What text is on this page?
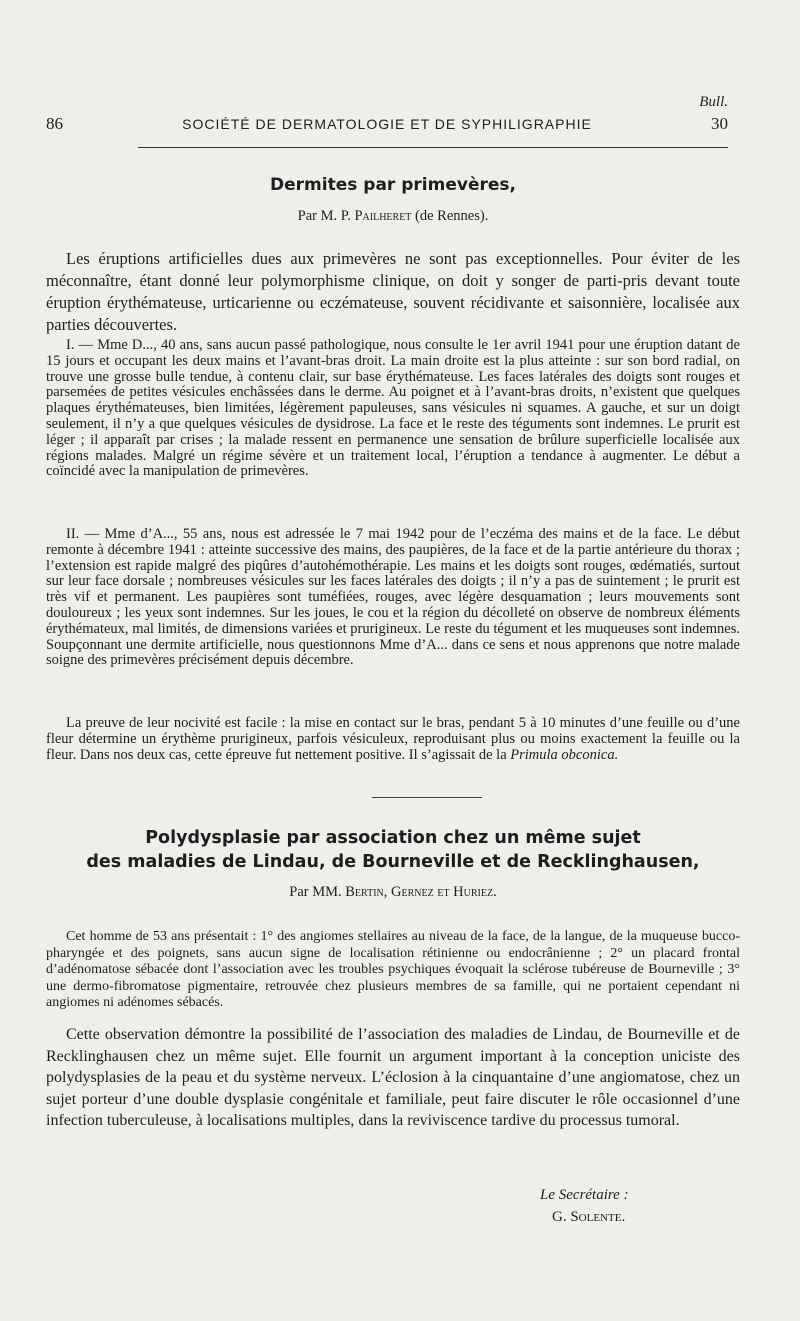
Bull.
86	SOCIÉTÉ DE DERMATOLOGIE ET DE SYPHILIGRAPHIE	30
Dermites par primevères,
Par M. P. Pailheret (de Rennes).

Les éruptions artificielles dues aux primevères ne sont pas exceptionnelles. Pour éviter de les méconnaître, étant donné leur polymorphisme clinique, on doit y songer de parti-pris devant toute éruption érythémateuse, urticarienne ou eczémateuse, souvent récidivante et saisonnière, localisée aux parties découvertes.

I. — Mme D..., 40 ans, sans aucun passé pathologique, nous consulte le 1er avril 1941 pour une éruption datant de 15 jours et occupant les deux mains et l’avant-bras droit. La main droite est la plus atteinte : sur son bord radial, on trouve une grosse bulle tendue, à contenu clair, sur base érythémateuse. Les faces latérales des doigts sont rouges et parsemées de petites vésicules enchâssées dans le derme. Au poignet et à l’avant-bras droits, n’existent que quelques plaques érythémateuses, bien limitées, légèrement papuleuses, sans vésicules ni squames. A gauche, et sur un doigt seulement, il n’y a que quelques vésicules de dysidrose. La face et le reste des téguments sont indemnes. Le prurit est léger ; il apparaît par crises ; la malade ressent en permanence une sensation de brûlure superficielle localisée aux régions malades. Malgré un régime sévère et un traitement local, l’éruption a tendance à augmenter. Le début a coïncidé avec la manipulation de primevères.

II. — Mme d’A..., 55 ans, nous est adressée le 7 mai 1942 pour de l’eczéma des mains et de la face. Le début remonte à décembre 1941 : atteinte successive des mains, des paupières, de la face et de la partie antérieure du thorax ; l’extension est rapide malgré des piqûres d’autohémothérapie. Les mains et les doigts sont rouges, œdématiés, surtout sur leur face dorsale ; nombreuses vésicules sur les faces latérales des doigts ; il n’y a pas de suintement ; le prurit est très vif et permanent. Les paupières sont tuméfiées, rouges, avec légère desquamation ; leurs mouvements sont douloureux ; les yeux sont indemnes. Sur les joues, le cou et la région du décolleté on observe de nombreux éléments érythémateux, mal limités, de dimensions variées et prurigineux. Le reste du tégument et les muqueuses sont indemnes. Soupçonnant une dermite artificielle, nous questionnons Mme d’A... dans ce sens et nous apprenons que notre malade soigne des primevères précisément depuis décembre.

La preuve de leur nocivité est facile : la mise en contact sur le bras, pendant 5 à 10 minutes d’une feuille ou d’une fleur détermine un érythème prurigineux, parfois vésiculeux, reproduisant plus ou moins exactement la feuille ou la fleur. Dans nos deux cas, cette épreuve fut nettement positive. Il s’agissait de la Primula obconica.

Polydysplasie par association chez un même sujet
des maladies de Lindau, de Bourneville et de Recklinghausen,
Par MM. Bertin, Gernez et Huriez.

Cet homme de 53 ans présentait : 1° des angiomes stellaires au niveau de la face, de la langue, de la muqueuse bucco-pharyngée et des poignets, sans aucun signe de localisation rétinienne ou endocrânienne ; 2° un placard frontal d’adénomatose sébacée dont l’association avec les troubles psychiques évoquait la sclérose tubéreuse de Bourneville ; 3° une dermo-fibromatose pigmentaire, retrouvée chez plusieurs membres de sa famille, qui ne portaient cependant ni angiomes ni adénomes sébacés.

Cette observation démontre la possibilité de l’association des maladies de Lindau, de Bourneville et de Recklinghausen chez un même sujet. Elle fournit un argument important à la conception uniciste des polydysplasies de la peau et du système nerveux. L’éclosion à la cinquantaine d’une angiomatose, chez un sujet porteur d’une double dysplasie congénitale et familiale, peut faire discuter le rôle occasionnel d’une infection tuberculeuse, à localisations multiples, dans la reviviscence tardive du processus tumoral.

Le Secrétaire :
G. Solente.
